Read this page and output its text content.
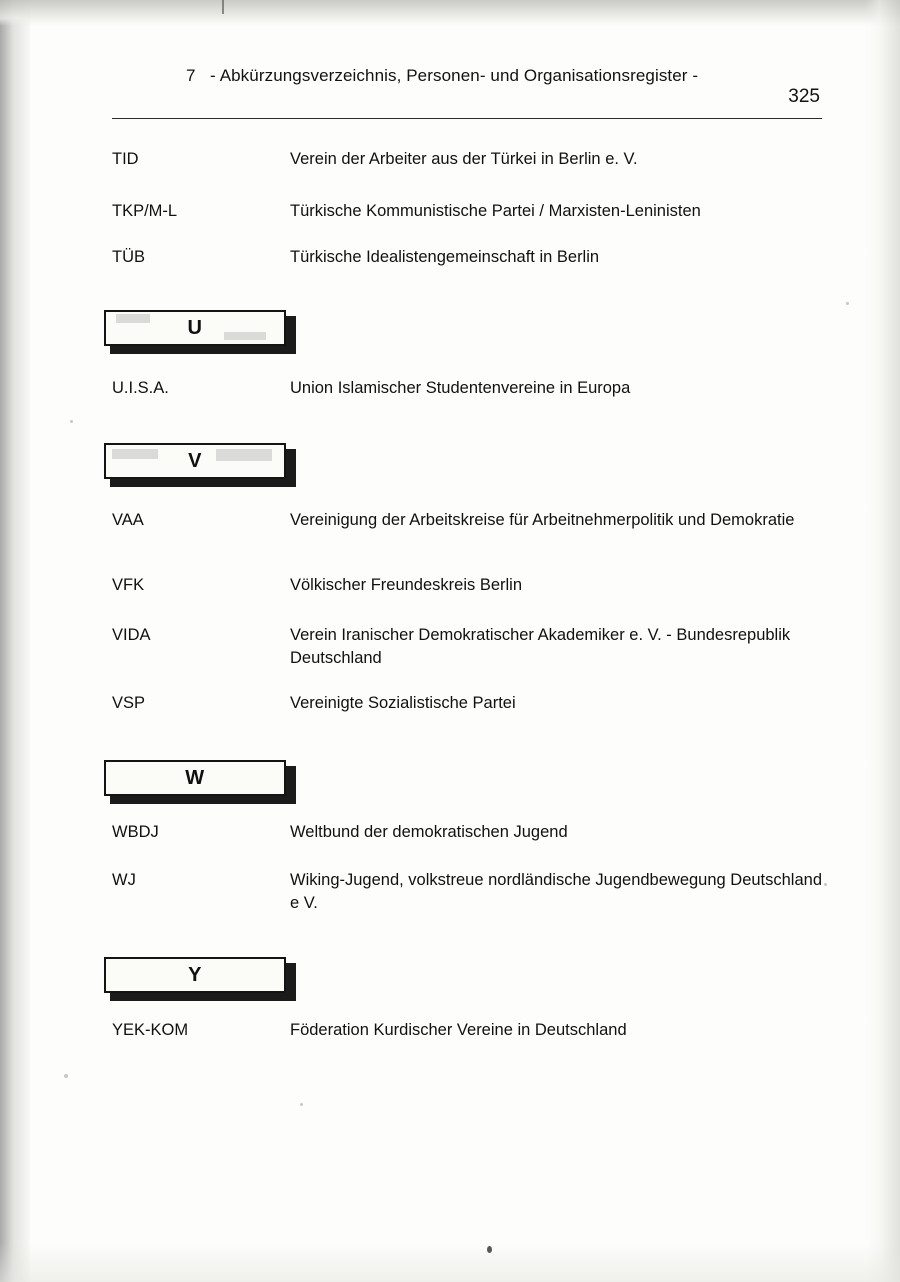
7 - Abkürzungsverzeichnis, Personen- und Organisationsregister -
325
TID	Verein der Arbeiter aus der Türkei in Berlin e. V.
TKP/M-L	Türkische Kommunistische Partei / Marxisten-Leninisten
TÜB	Türkische Idealistengemeinschaft in Berlin
U
U.I.S.A.	Union Islamischer Studentenvereine in Europa
V
VAA	Vereinigung der Arbeitskreise für Arbeitnehmerpolitik und Demokratie
VFK	Völkischer Freundeskreis Berlin
VIDA	Verein Iranischer Demokratischer Akademiker e. V. - Bundesrepublik Deutschland
VSP	Vereinigte Sozialistische Partei
W
WBDJ	Weltbund der demokratischen Jugend
WJ	Wiking-Jugend, volkstreue nordländische Jugendbewegung Deutschland e V.
Y
YEK-KOM	Föderation Kurdischer Vereine in Deutschland
